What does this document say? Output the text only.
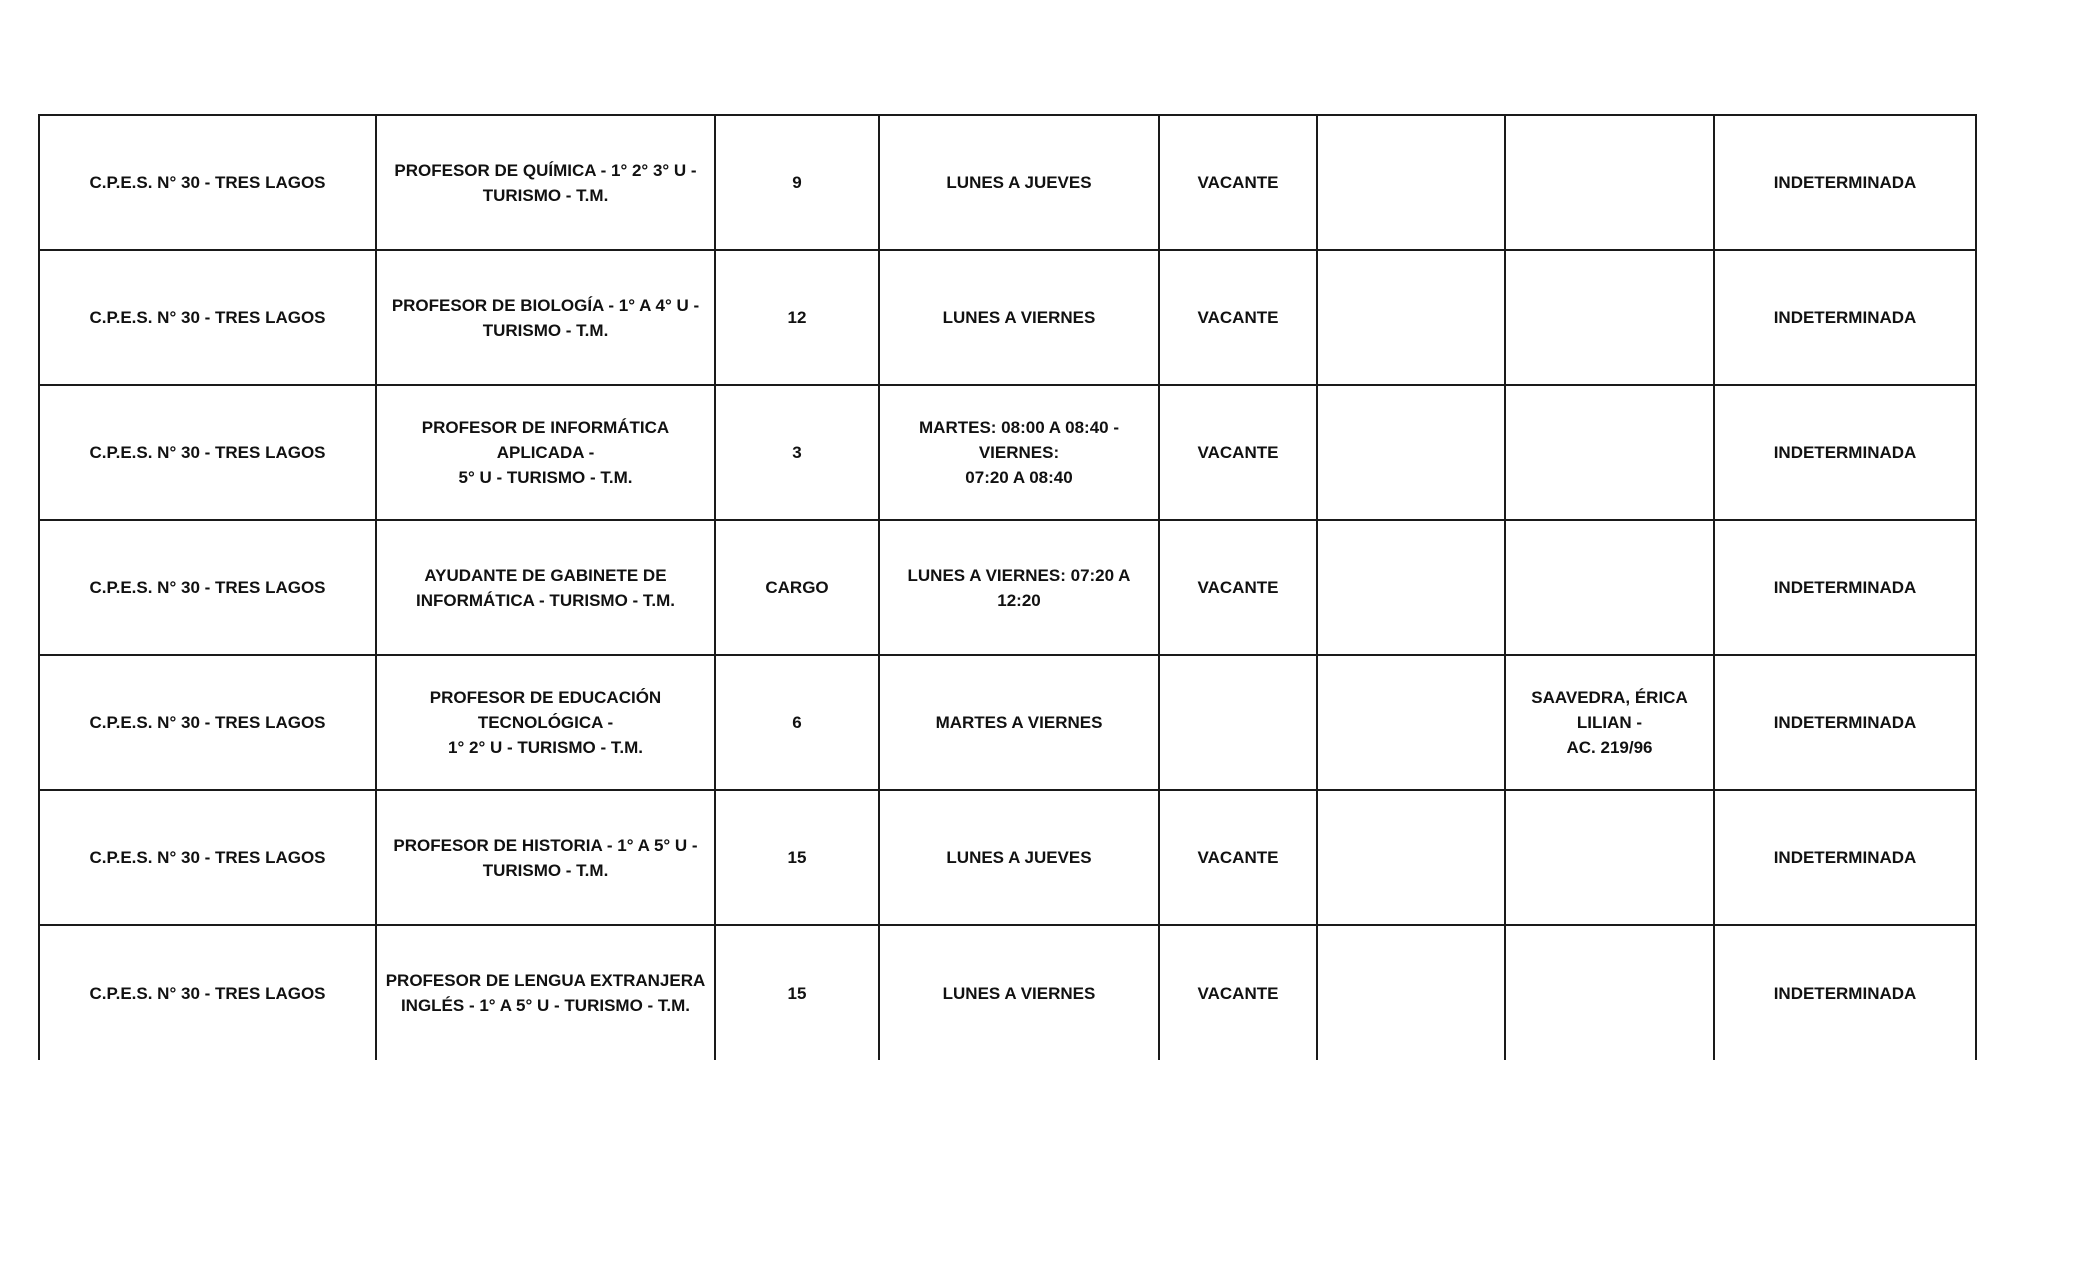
C.P.E.S. N° 30 - TRES LAGOS	PROFESOR DE QUÍMICA - 1° 2° 3° U -
TURISMO - T.M.	9	LUNES A JUEVES	VACANTE			INDETERMINADA
C.P.E.S. N° 30 - TRES LAGOS	PROFESOR DE BIOLOGÍA - 1° A 4° U -
TURISMO - T.M.	12	LUNES A VIERNES	VACANTE			INDETERMINADA
C.P.E.S. N° 30 - TRES LAGOS	PROFESOR DE INFORMÁTICA APLICADA -
5° U - TURISMO - T.M.	3	MARTES: 08:00 A 08:40 - VIERNES:
07:20 A 08:40	VACANTE			INDETERMINADA
C.P.E.S. N° 30 - TRES LAGOS	AYUDANTE DE GABINETE DE
INFORMÁTICA - TURISMO - T.M.	CARGO	LUNES A VIERNES: 07:20 A 12:20	VACANTE			INDETERMINADA
C.P.E.S. N° 30 - TRES LAGOS	PROFESOR DE EDUCACIÓN TECNOLÓGICA -
1° 2° U - TURISMO - T.M.	6	MARTES A VIERNES			SAAVEDRA, ÉRICA LILIAN -
AC. 219/96	INDETERMINADA
C.P.E.S. N° 30 - TRES LAGOS	PROFESOR DE HISTORIA - 1° A 5° U -
TURISMO - T.M.	15	LUNES A JUEVES	VACANTE			INDETERMINADA
C.P.E.S. N° 30 - TRES LAGOS	PROFESOR DE LENGUA EXTRANJERA
INGLÉS - 1° A 5° U - TURISMO - T.M.	15	LUNES A VIERNES	VACANTE			INDETERMINADA
